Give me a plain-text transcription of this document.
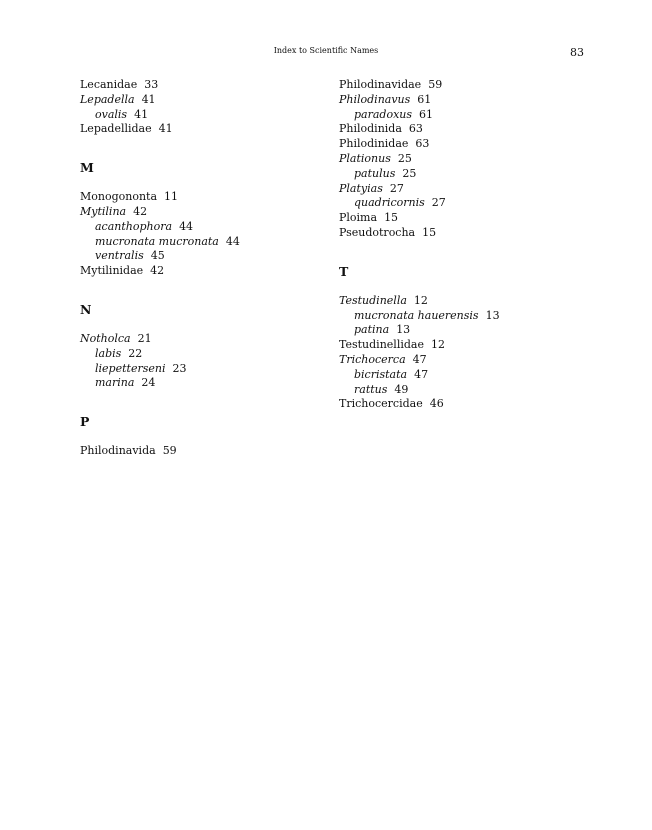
Index to Scientific Names	83
Lecanidae 33
Lepadella 41
ovalis 41
Lepadellidae 41
M
Monogononta 11
Mytilina 42
acanthophora 44
mucronata mucronata 44
ventralis 45
Mytilinidae 42
N
Notholca 21
labis 22
liepetterseni 23
marina 24
P
Philodinavida 59
Philodinavidae 59
Philodinavus 61
paradoxus 61
Philodinida 63
Philodinidae 63
Plationus 25
patulus 25
Platyias 27
quadricornis 27
Ploima 15
Pseudotrocha 15
T
Testudinella 12
mucronata hauerensis 13
patina 13
Testudinellidae 12
Trichocerca 47
bicristata 47
rattus 49
Trichocercidae 46
